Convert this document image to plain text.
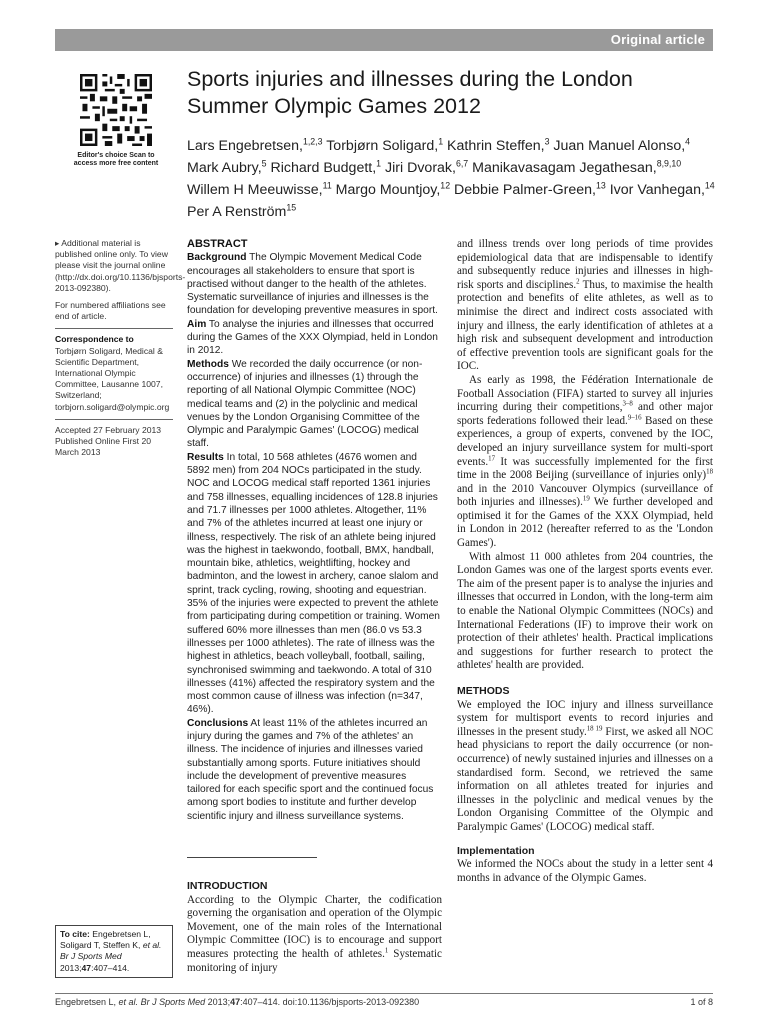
Original article
Editor's choice Scan to access more free content
Sports injuries and illnesses during the London Summer Olympic Games 2012
Lars Engebretsen,$^{1,2,3}$ Torbjørn Soligard,$^1$ Kathrin Steffen,$^3$ Juan Manuel Alonso,$^4$ Mark Aubry,$^5$ Richard Budgett,$^1$ Jiri Dvorak,$^{6,7}$ Manikavasagam Jegathesan,$^{8,9,10}$ Willem H Meeuwisse,$^{11}$ Margo Mountjoy,$^{12}$ Debbie Palmer-Green,$^{13}$ Ivor Vanhegan,$^{14}$ Per A Renström$^{15}$

▸ Additional material is published online only. To view please visit the journal online (http://dx.doi.org/10.1136/bjsports-2013-092380).

For numbered affiliations see end of article.

Correspondence to

Torbjørn Soligard, Medical & Scientific Department, International Olympic Committee, Lausanne 1007, Switzerland; torbjorn.soligard@olympic.org

Accepted 27 February 2013 Published Online First 20 March 2013

To cite: Engebretsen L, Soligard T, Steffen K, et al. Br J Sports Med 2013;47:407–414.
ABSTRACT

Background The Olympic Movement Medical Code encourages all stakeholders to ensure that sport is practised without danger to the health of the athletes. Systematic surveillance of injuries and illnesses is the foundation for developing preventive measures in sport.

Aim To analyse the injuries and illnesses that occurred during the Games of the XXX Olympiad, held in London in 2012.

Methods We recorded the daily occurrence (or non-occurrence) of injuries and illnesses (1) through the reporting of all National Olympic Committee (NOC) medical teams and (2) in the polyclinic and medical venues by the London Organising Committee of the Olympic and Paralympic Games' (LOCOG) medical staff.

Results In total, 10 568 athletes (4676 women and 5892 men) from 204 NOCs participated in the study. NOC and LOCOG medical staff reported 1361 injuries and 758 illnesses, equalling incidences of 128.8 injuries and 71.7 illnesses per 1000 athletes. Altogether, 11% and 7% of the athletes incurred at least one injury or illness, respectively. The risk of an athlete being injured was the highest in taekwondo, football, BMX, handball, mountain bike, athletics, weightlifting, hockey and badminton, and the lowest in archery, canoe slalom and sprint, track cycling, rowing, shooting and equestrian. 35% of the injuries were expected to prevent the athlete from participating during competition or training. Women suffered 60% more illnesses than men (86.0 vs 53.3 illnesses per 1000 athletes). The rate of illness was the highest in athletics, beach volleyball, football, sailing, synchronised swimming and taekwondo. A total of 310 illnesses (41%) affected the respiratory system and the most common cause of illness was infection (n=347, 46%).

Conclusions At least 11% of the athletes incurred an injury during the games and 7% of the athletes' an illness. The incidence of injuries and illnesses varied substantially among sports. Future initiatives should include the development of preventive measures tailored for each specific sport and the continued focus among sport bodies to institute and further develop scientific injury and illness surveillance systems.

INTRODUCTION

According to the Olympic Charter, the codification governing the organisation and operation of the Olympic Movement, one of the main roles of the International Olympic Committee (IOC) is to encourage and support measures protecting the health of athletes.$^1$ Systematic monitoring of injury

and illness trends over long periods of time provides epidemiological data that are indispensable to identify and subsequently reduce injuries and illnesses in high-risk sports and disciplines.$^2$ Thus, to maximise the health protection and benefits of elite athletes, as well as to minimise the direct and indirect costs associated with injury and illness, the early identification of athletes at a high risk and subsequent development and introduction of effective prevention tools are significant goals for the IOC.

As early as 1998, the Fédération Internationale de Football Association (FIFA) started to survey all injuries incurring during their competitions,$^{3-8}$ and other major sports federations followed their lead.$^{9-16}$ Based on these experiences, a group of experts, convened by the IOC, developed an injury surveillance system for multi-sport events.$^{17}$ It was successfully implemented for the first time in the 2008 Beijing (surveillance of injuries only)$^{18}$ and in the 2010 Vancouver Olympics (surveillance of both injuries and illnesses).$^{19}$ We further developed and optimised it for the Games of the XXX Olympiad, held in London in 2012 (hereafter referred to as the 'London Games').

With almost 11 000 athletes from 204 countries, the London Games was one of the largest sports events ever. The aim of the present paper is to analyse the injuries and illnesses that occurred in London, with the long-term aim to enable the National Olympic Committees (NOCs) and International Federations (IF) to improve their work on protection of their athletes' health. Practical implications and suggestions for further research to protect the athletes' health are provided.

METHODS

We employed the IOC injury and illness surveillance system for multisport events to record injuries and illnesses in the present study.$^{18 19}$ First, we asked all NOC head physicians to report the daily occurrence (or non-occurrence) of newly sustained injuries and illnesses on a standardised form. Second, we retrieved the same information on all athletes treated for injuries and illnesses in the polyclinic and medical venues by the London Organising Committee of the Olympic and Paralympic Games' (LOCOG) medical staff.

Implementation

We informed the NOCs about the study in a letter sent 4 months in advance of the Olympic Games.

Engebretsen L, et al. Br J Sports Med 2013;47:407–414. doi:10.1136/bjsports-2013-092380	1 of 8
